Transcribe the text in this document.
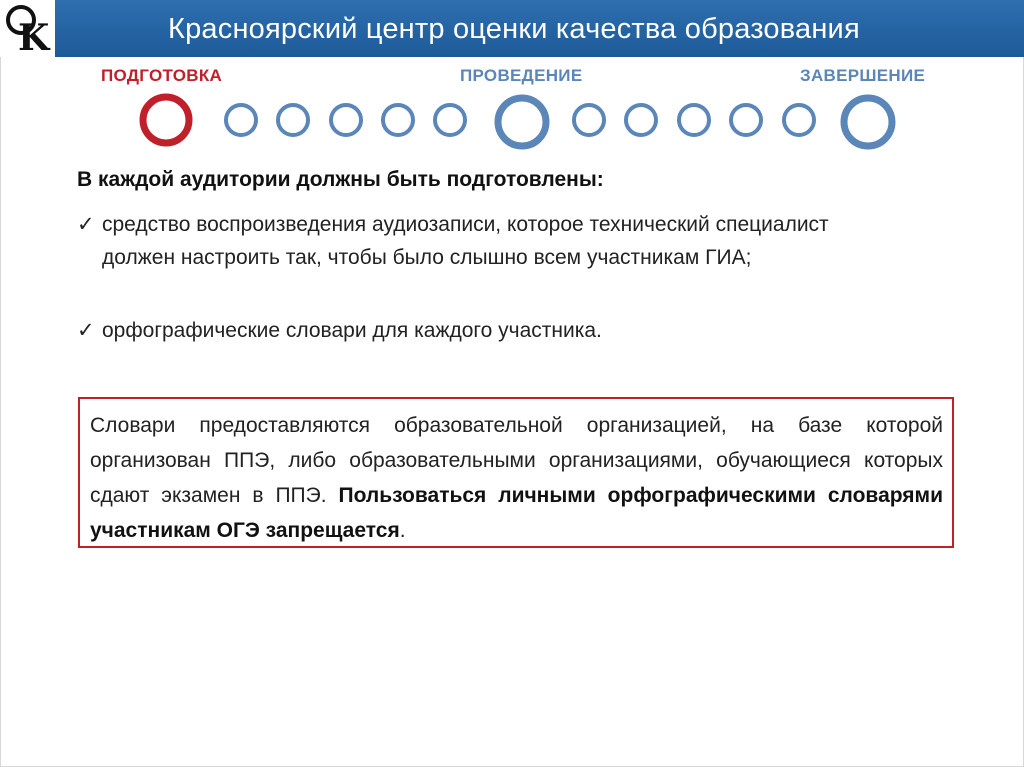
K	Красноярский центр оценки качества образования
ПОДГОТОВКА	ПРОВЕДЕНИЕ	ЗАВЕРШЕНИЕ
В каждой аудитории должны быть подготовлены:
✓ средство воспроизведения аудиозаписи, которое технический специалист должен настроить так, чтобы было слышно всем участникам ГИА;
✓ орфографические словари для каждого участника.
Словари предоставляются образовательной организацией, на базе которой организован ППЭ, либо образовательными организациями, обучающиеся которых сдают экзамен в ППЭ. Пользоваться личными орфографическими словарями участникам ОГЭ запрещается.
